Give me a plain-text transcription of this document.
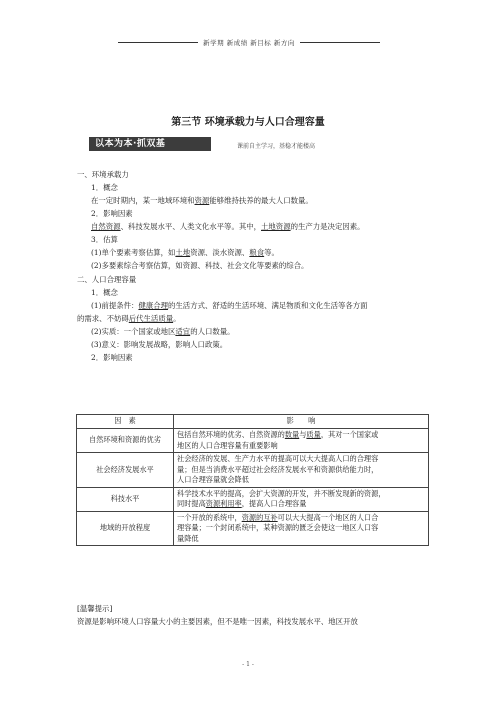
新学期 新成绩 新目标 新方向
第三节 环境承载力与人口合理容量
以本为本·抓双基	课前自主学习，基稳才能楼高
一、环境承载力
1．概念
在一定时期内，某一地域环境和资源能够维持扶养的最大人口数量。
2．影响因素
自然资源、科技发展水平、人类文化水平等。其中，土地资源的生产力是决定因素。
3．估算
(1)单个要素考察估算，如土地资源、淡水资源、粮食等。
(2)多要素综合考察估算，如资源、科技、社会文化等要素的综合。
二、人口合理容量
1．概念
(1)前提条件：健康合理的生活方式、舒适的生活环境、满足物质和文化生活等各方面
的需求、不妨碍后代生活质量。
(2)实质：一个国家或地区适宜的人口数量。
(3)意义：影响发展战略，影响人口政策。
2．影响因素
因　素	影　　响
自然环境和资源的优劣	包括自然环境的优劣、自然资源的数量与质量，其对一个国家或
地区的人口合理容量有重要影响

社会经济发展水平	社会经济的发展、生产力水平的提高可以大大提高人口的合理容
量；但是当消费水平超过社会经济发展水平和资源供给能力时，
人口合理容量就会降低

科技水平	科学技术水平的提高，会扩大资源的开发，并不断发现新的资源，
同时提高资源利用率，提高人口合理容量

地域的开放程度	一个开放的系统中，资源的互补可以大大提高一个地区的人口合
理容量；一个封闭系统中，某种资源的匮乏会使这一地区人口容
量降低
[温馨提示]
资源是影响环境人口容量大小的主要因素，但不是唯一因素，科技发展水平、地区开放
- 1 -
